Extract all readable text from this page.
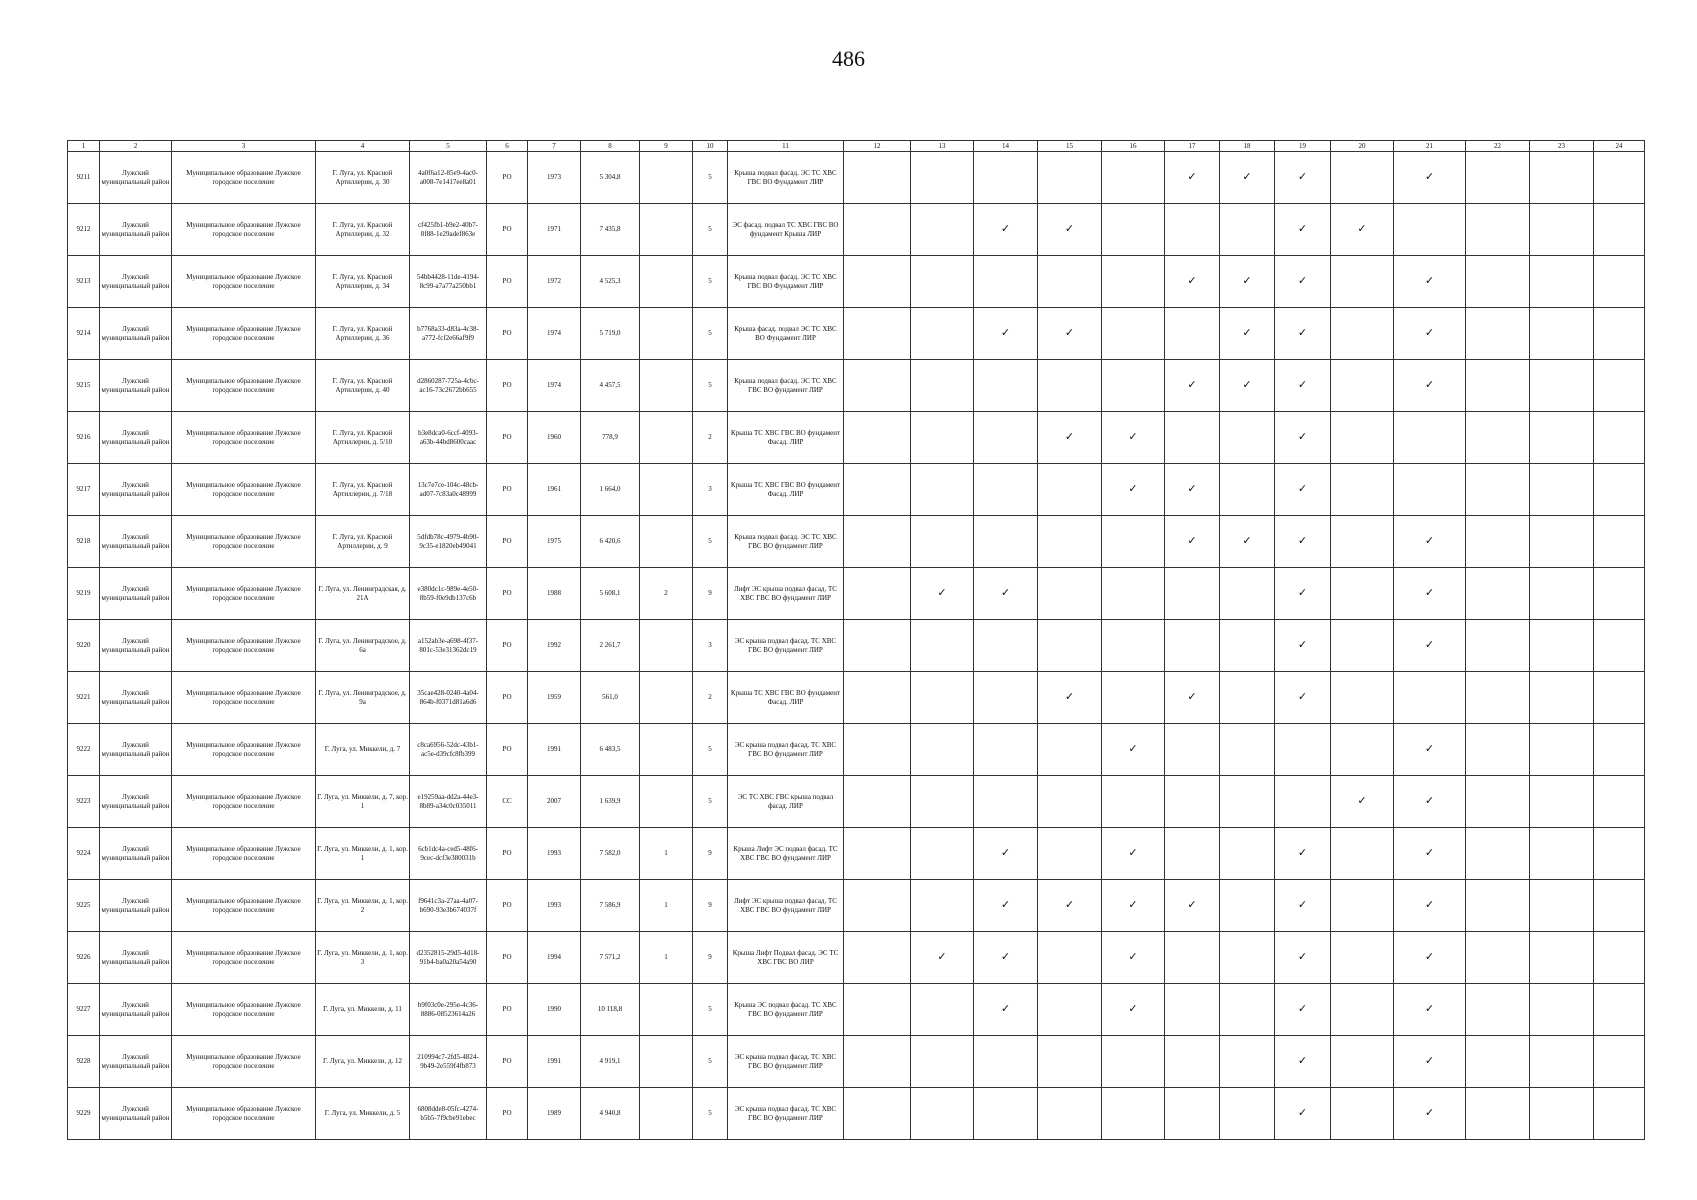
486
1	2	3	4	5	6	7	8	9	10	11	12	13	14	15	16	17	18	19	20	21	22	23	24
9211	Лужский муниципальный район	Муниципальное образование Лужское городское поселение	Г. Луга, ул. Красной Артиллерии, д. 30	4a0f6a12-85e9-4ac0-a008-7e1417ee8a01	РО	1973	5 304,8		5	Крыша подвал фасад. ЭС ТС ХВС ГВС ВО Фундамент ЛИР						✓	✓	✓		✓			
9212	Лужский муниципальный район	Муниципальное образование Лужское городское поселение	Г. Луга, ул. Красной Артиллерии, д. 32	cf425fb1-b9e2-40b7-8f88-1e29adef863e	РО	1971	7 435,8		5	ЭС фасад. подвал ТС ХВС ГВС ВО фундамент Крыша ЛИР			✓	✓				✓	✓				
9213	Лужский муниципальный район	Муниципальное образование Лужское городское поселение	Г. Луга, ул. Красной Артиллерии, д. 34	54bb4428-11de-4194-8c99-a7a77a250bb1	РО	1972	4 525,3		5	Крыша подвал фасад. ЭС ТС ХВС ГВС ВО Фундамент ЛИР						✓	✓	✓		✓			
9214	Лужский муниципальный район	Муниципальное образование Лужское городское поселение	Г. Луга, ул. Красной Артиллерии, д. 36	b7768a33-d83a-4c38-a772-fcf2e66af9f9	РО	1974	5 719,0		5	Крыша фасад. подвал ЭС ТС ХВС ВО Фундамент ЛИР			✓	✓			✓	✓		✓			
9215	Лужский муниципальный район	Муниципальное образование Лужское городское поселение	Г. Луга, ул. Красной Артиллерии, д. 40	d2860287-725a-4cbc-ac16-73c2672bb655	РО	1974	4 457,5		5	Крыша подвал фасад. ЭС ТС ХВС ГВС ВО фундамент ЛИР						✓	✓	✓		✓			
9216	Лужский муниципальный район	Муниципальное образование Лужское городское поселение	Г. Луга, ул. Красной Артиллерии, д. 5/10	b3e8dca0-6ccf-4093-a63b-44bd8600caac	РО	1960	778,9		2	Крыша ТС ХВС ГВС ВО фундамент Фасад. ЛИР				✓	✓			✓					
9217	Лужский муниципальный район	Муниципальное образование Лужское городское поселение	Г. Луга, ул. Красной Артиллерии, д. 7/18	13c7e7ce-104c-48cb-ad07-7c83a0c48999	РО	1961	1 664,0		3	Крыша ТС ХВС ГВС ВО фундамент Фасад. ЛИР					✓	✓		✓					
9218	Лужский муниципальный район	Муниципальное образование Лужское городское поселение	Г. Луга, ул. Красной Артиллерии, д. 9	5dfdb78c-4979-4b90-9c35-e1820eb49041	РО	1975	6 420,6		5	Крыша подвал фасад. ЭС ТС ХВС ГВС ВО фундамент ЛИР						✓	✓	✓		✓			
9219	Лужский муниципальный район	Муниципальное образование Лужское городское поселение	Г. Луга, ул. Ленинградская, д. 21А	e380dc1c-989e-4e50-8b59-f0e9db137c6b	РО	1988	5 608,1	2	9	Лифт ЭС крыша подвал фасад. ТС ХВС ГВС ВО фундамент ЛИР		✓	✓					✓		✓			
9220	Лужский муниципальный район	Муниципальное образование Лужское городское поселение	Г. Луга, ул. Ленинградское, д. 6а	a152ab3e-a698-4f37-801c-53e31362dc19	РО	1992	2 261,7		3	ЭС крыша подвал фасад. ТС ХВС ГВС ВО фундамент ЛИР								✓		✓			
9221	Лужский муниципальный район	Муниципальное образование Лужское городское поселение	Г. Луга, ул. Ленинградское, д. 9а	35cae428-0240-4a04-864b-f0371d81a6d6	РО	1959	561,0		2	Крыша ТС ХВС ГВС ВО фундамент Фасад. ЛИР				✓		✓		✓					
9222	Лужский муниципальный район	Муниципальное образование Лужское городское поселение	Г. Луга, ул. Миккели, д. 7	c8ca6956-52dc-43b1-ac5e-d39cfc8fb399	РО	1991	6 483,5		5	ЭС крыша подвал фасад. ТС ХВС ГВС ВО фундамент ЛИР					✓					✓			
9223	Лужский муниципальный район	Муниципальное образование Лужское городское поселение	Г. Луга, ул. Миккели, д. 7, кор. 1	e19259aa-dd2a-44e3-8b89-a34c0c035011	СС	2007	1 639,9		5	ЭС ТС ХВС ГВС крыша подвал фасад. ЛИР									✓	✓			
9224	Лужский муниципальный район	Муниципальное образование Лужское городское поселение	Г. Луга, ул. Миккели, д. 1, кор. 1	6cb1dc4a-ced5-48f6-9cec-dcf3e380031b	РО	1993	7 582,0	1	9	Крыша Лифт ЭС подвал фасад. ТС ХВС ГВС ВО фундамент ЛИР			✓		✓			✓		✓			
9225	Лужский муниципальный район	Муниципальное образование Лужское городское поселение	Г. Луга, ул. Миккели, д. 1, кор. 2	f9641c3a-27aa-4a07-b690-93e3b674037f	РО	1993	7 586,9	1	9	Лифт ЭС крыша подвал фасад. ТС ХВС ГВС ВО фундамент ЛИР			✓	✓	✓	✓		✓		✓			
9226	Лужский муниципальный район	Муниципальное образование Лужское городское поселение	Г. Луга, ул. Миккели, д. 1, кор. 3	d2352815-29d5-4d18-91b4-ba0a20a54a90	РО	1994	7 571,2	1	9	Крыша Лифт Подвал фасад. ЭС ТС ХВС ГВС ВО ЛИР		✓	✓		✓			✓		✓			
9227	Лужский муниципальный район	Муниципальное образование Лужское городское поселение	Г. Луга, ул. Миккели, д. 11	b9f03c0e-295e-4c36-8886-08523614a26	РО	1990	10 118,8		5	Крыша ЭС подвал фасад. ТС ХВС ГВС ВО фундамент ЛИР			✓		✓			✓		✓			
9228	Лужский муниципальный район	Муниципальное образование Лужское городское поселение	Г. Луга, ул. Миккели, д. 12	210994c7-2fd5-4824-9b49-2e559f4fb873	РО	1991	4 919,1		5	ЭС крыша подвал фасад. ТС ХВС ГВС ВО фундамент ЛИР								✓		✓			
9229	Лужский муниципальный район	Муниципальное образование Лужское городское поселение	Г. Луга, ул. Миккели, д. 5	6808dde8-05fc-4274-b5b5-7f9cbe91ebec	РО	1989	4 940,8		5	ЭС крыша подвал фасад. ТС ХВС ГВС ВО фундамент ЛИР								✓		✓			
